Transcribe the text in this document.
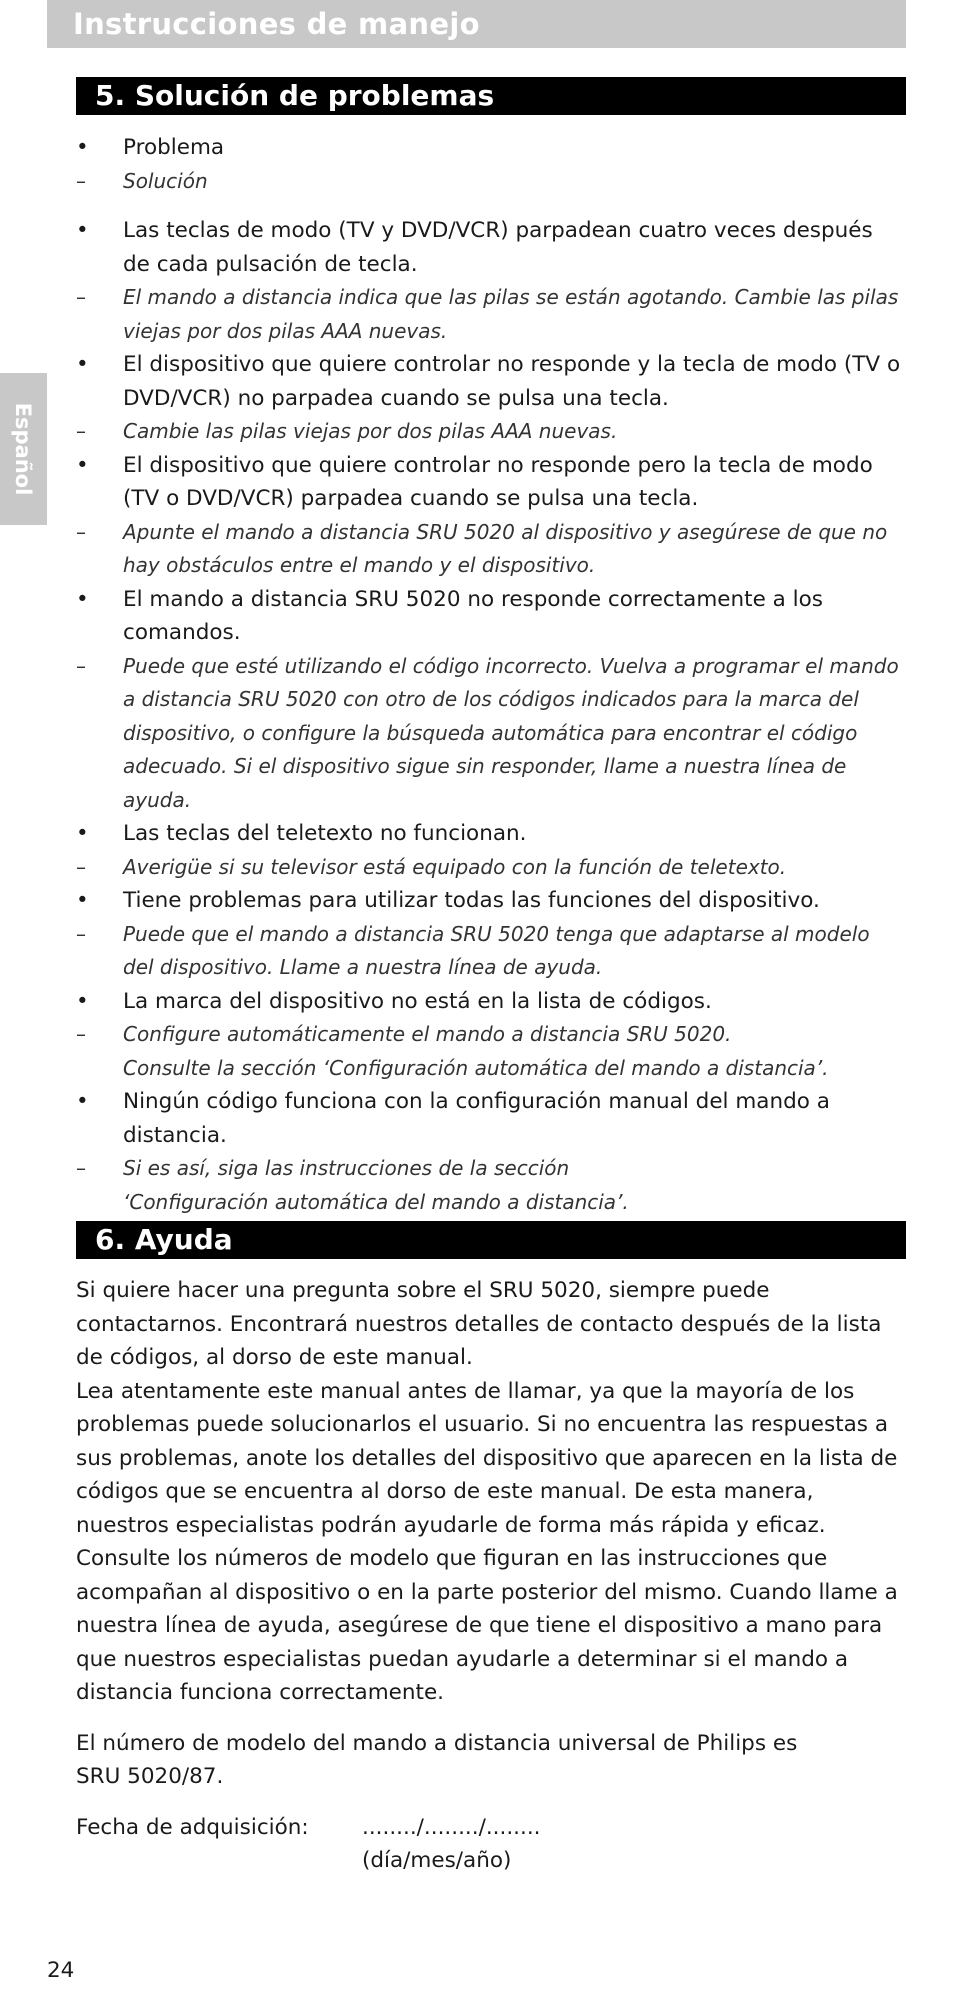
Instrucciones de manejo
Español
5. Solución de problemas
•	Problema
–	Solución
•	Las teclas de modo (TV y DVD/VCR) parpadean cuatro veces después de cada pulsación de tecla.
–	El mando a distancia indica que las pilas se están agotando. Cambie las pilas viejas por dos pilas AAA nuevas.
•	El dispositivo que quiere controlar no responde y la tecla de modo (TV o DVD/VCR) no parpadea cuando se pulsa una tecla.
–	Cambie las pilas viejas por dos pilas AAA nuevas.
•	El dispositivo que quiere controlar no responde pero la tecla de modo (TV o DVD/VCR) parpadea cuando se pulsa una tecla.
–	Apunte el mando a distancia SRU 5020 al dispositivo y asegúrese de que no hay obstáculos entre el mando y el dispositivo.
•	El mando a distancia SRU 5020 no responde correctamente a los comandos.
–	Puede que esté utilizando el código incorrecto. Vuelva a programar el mando a distancia SRU 5020 con otro de los códigos indicados para la marca del dispositivo, o configure la búsqueda automática para encontrar el código adecuado. Si el dispositivo sigue sin responder, llame a nuestra línea de ayuda.
•	Las teclas del teletexto no funcionan.
–	Averigüe si su televisor está equipado con la función de teletexto.
•	Tiene problemas para utilizar todas las funciones del dispositivo.
–	Puede que el mando a distancia SRU 5020 tenga que adaptarse al modelo del dispositivo. Llame a nuestra línea de ayuda.
•	La marca del dispositivo no está en la lista de códigos.
–	Configure automáticamente el mando a distancia SRU 5020.
Consulte la sección ‘Configuración automática del mando a distancia’.
•	Ningún código funciona con la configuración manual del mando a distancia.
–	Si es así, siga las instrucciones de la sección
‘Configuración automática del mando a distancia’.
6. Ayuda

Si quiere hacer una pregunta sobre el SRU 5020, siempre puede contactarnos. Encontrará nuestros detalles de contacto después de la lista de códigos, al dorso de este manual.

Lea atentamente este manual antes de llamar, ya que la mayoría de los problemas puede solucionarlos el usuario. Si no encuentra las respuestas a sus problemas, anote los detalles del dispositivo que aparecen en la lista de códigos que se encuentra al dorso de este manual. De esta manera, nuestros especialistas podrán ayudarle de forma más rápida y eficaz. Consulte los números de modelo que figuran en las instrucciones que acompañan al dispositivo o en la parte posterior del mismo. Cuando llame a nuestra línea de ayuda, asegúrese de que tiene el dispositivo a mano para que nuestros especialistas puedan ayudarle a determinar si el mando a distancia funciona correctamente.

El número de modelo del mando a distancia universal de Philips es
SRU 5020/87.

Fecha de adquisición:	......../......../........
(día/mes/año)
24
